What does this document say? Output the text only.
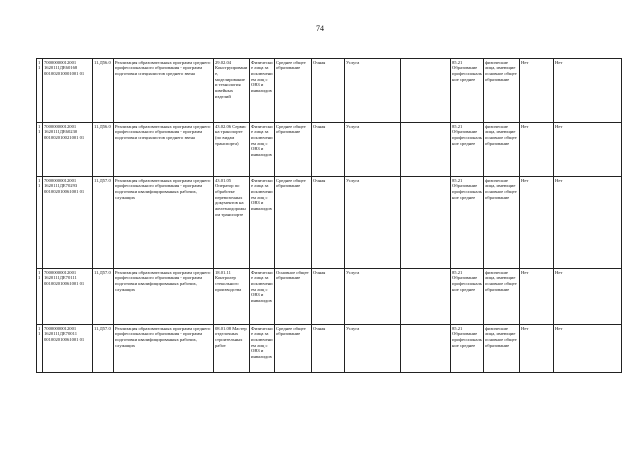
74
11	70000000012001 1620111ДЕ60168 001002010001001 01	11.Д56.0	Реализация образовательных программ среднего профессионального образования - программ подготовки специалистов среднего звена	29.02.04 Конструирование, моделирование и технология швейных изделий	Физические лица за исключением лиц с ОВЗ и инвалидов	Среднее общее образование	Очная	Услуга		85.21 Образование профессиональное среднее	физические лица, имеющие основное общее образование	Нет	Нет
11	70000000012001 1620111ДЕ60230 001002010021001 01	11.Д56.0	Реализация образовательных программ среднего профессионального образования - программ подготовки специалистов среднего звена	43.02.06 Сервис на транспорте (по видам транспорта)	Физические лица за исключением лиц с ОВЗ и инвалидов	Среднее общее образование	Очная	Услуга		85.21 Образование профессиональное среднее	физические лица, имеющие основное общее образование	Нет	Нет
11	70000000012001 1620111ДЕ70293 001002010061001 01	11.Д57.0	Реализация образовательных программ среднего профессионального образования - программ подготовки квалифицированных рабочих, служащих	43.01.05 Оператор по обработке перевозочных документов на железнодорожном транспорте	Физические лица за исключением лиц с ОВЗ и инвалидов	Среднее общее образование	Очная	Услуга		85.21 Образование профессиональное среднее	физические лица, имеющие основное общее образование	Нет	Нет
11	70000000012001 1620111ДЕ70111 001002010061001 01	11.Д57.0	Реализация образовательных программ среднего профессионального образования - программ подготовки квалифицированных рабочих, служащих	18.01.11 Контролер стекольного производства	Физические лица за исключением лиц с ОВЗ и инвалидов	Основное общее образование	Очная	Услуга		85.21 Образование профессиональное среднее	физические лица, имеющие основное общее образование	Нет	Нет
11	70000000012001 1620111ДЕ70011 001002010061001 01	11.Д57.0	Реализация образовательных программ среднего профессионального образования - программ подготовки квалифицированных рабочих, служащих	08.01.08 Мастер отделочных строительных работ	Физические лица за исключением лиц с ОВЗ и инвалидов	Среднее общее образование	Очная	Услуга		85.21 Образование профессиональное среднее	физические лица, имеющие основное общее образование	Нет	Нет
